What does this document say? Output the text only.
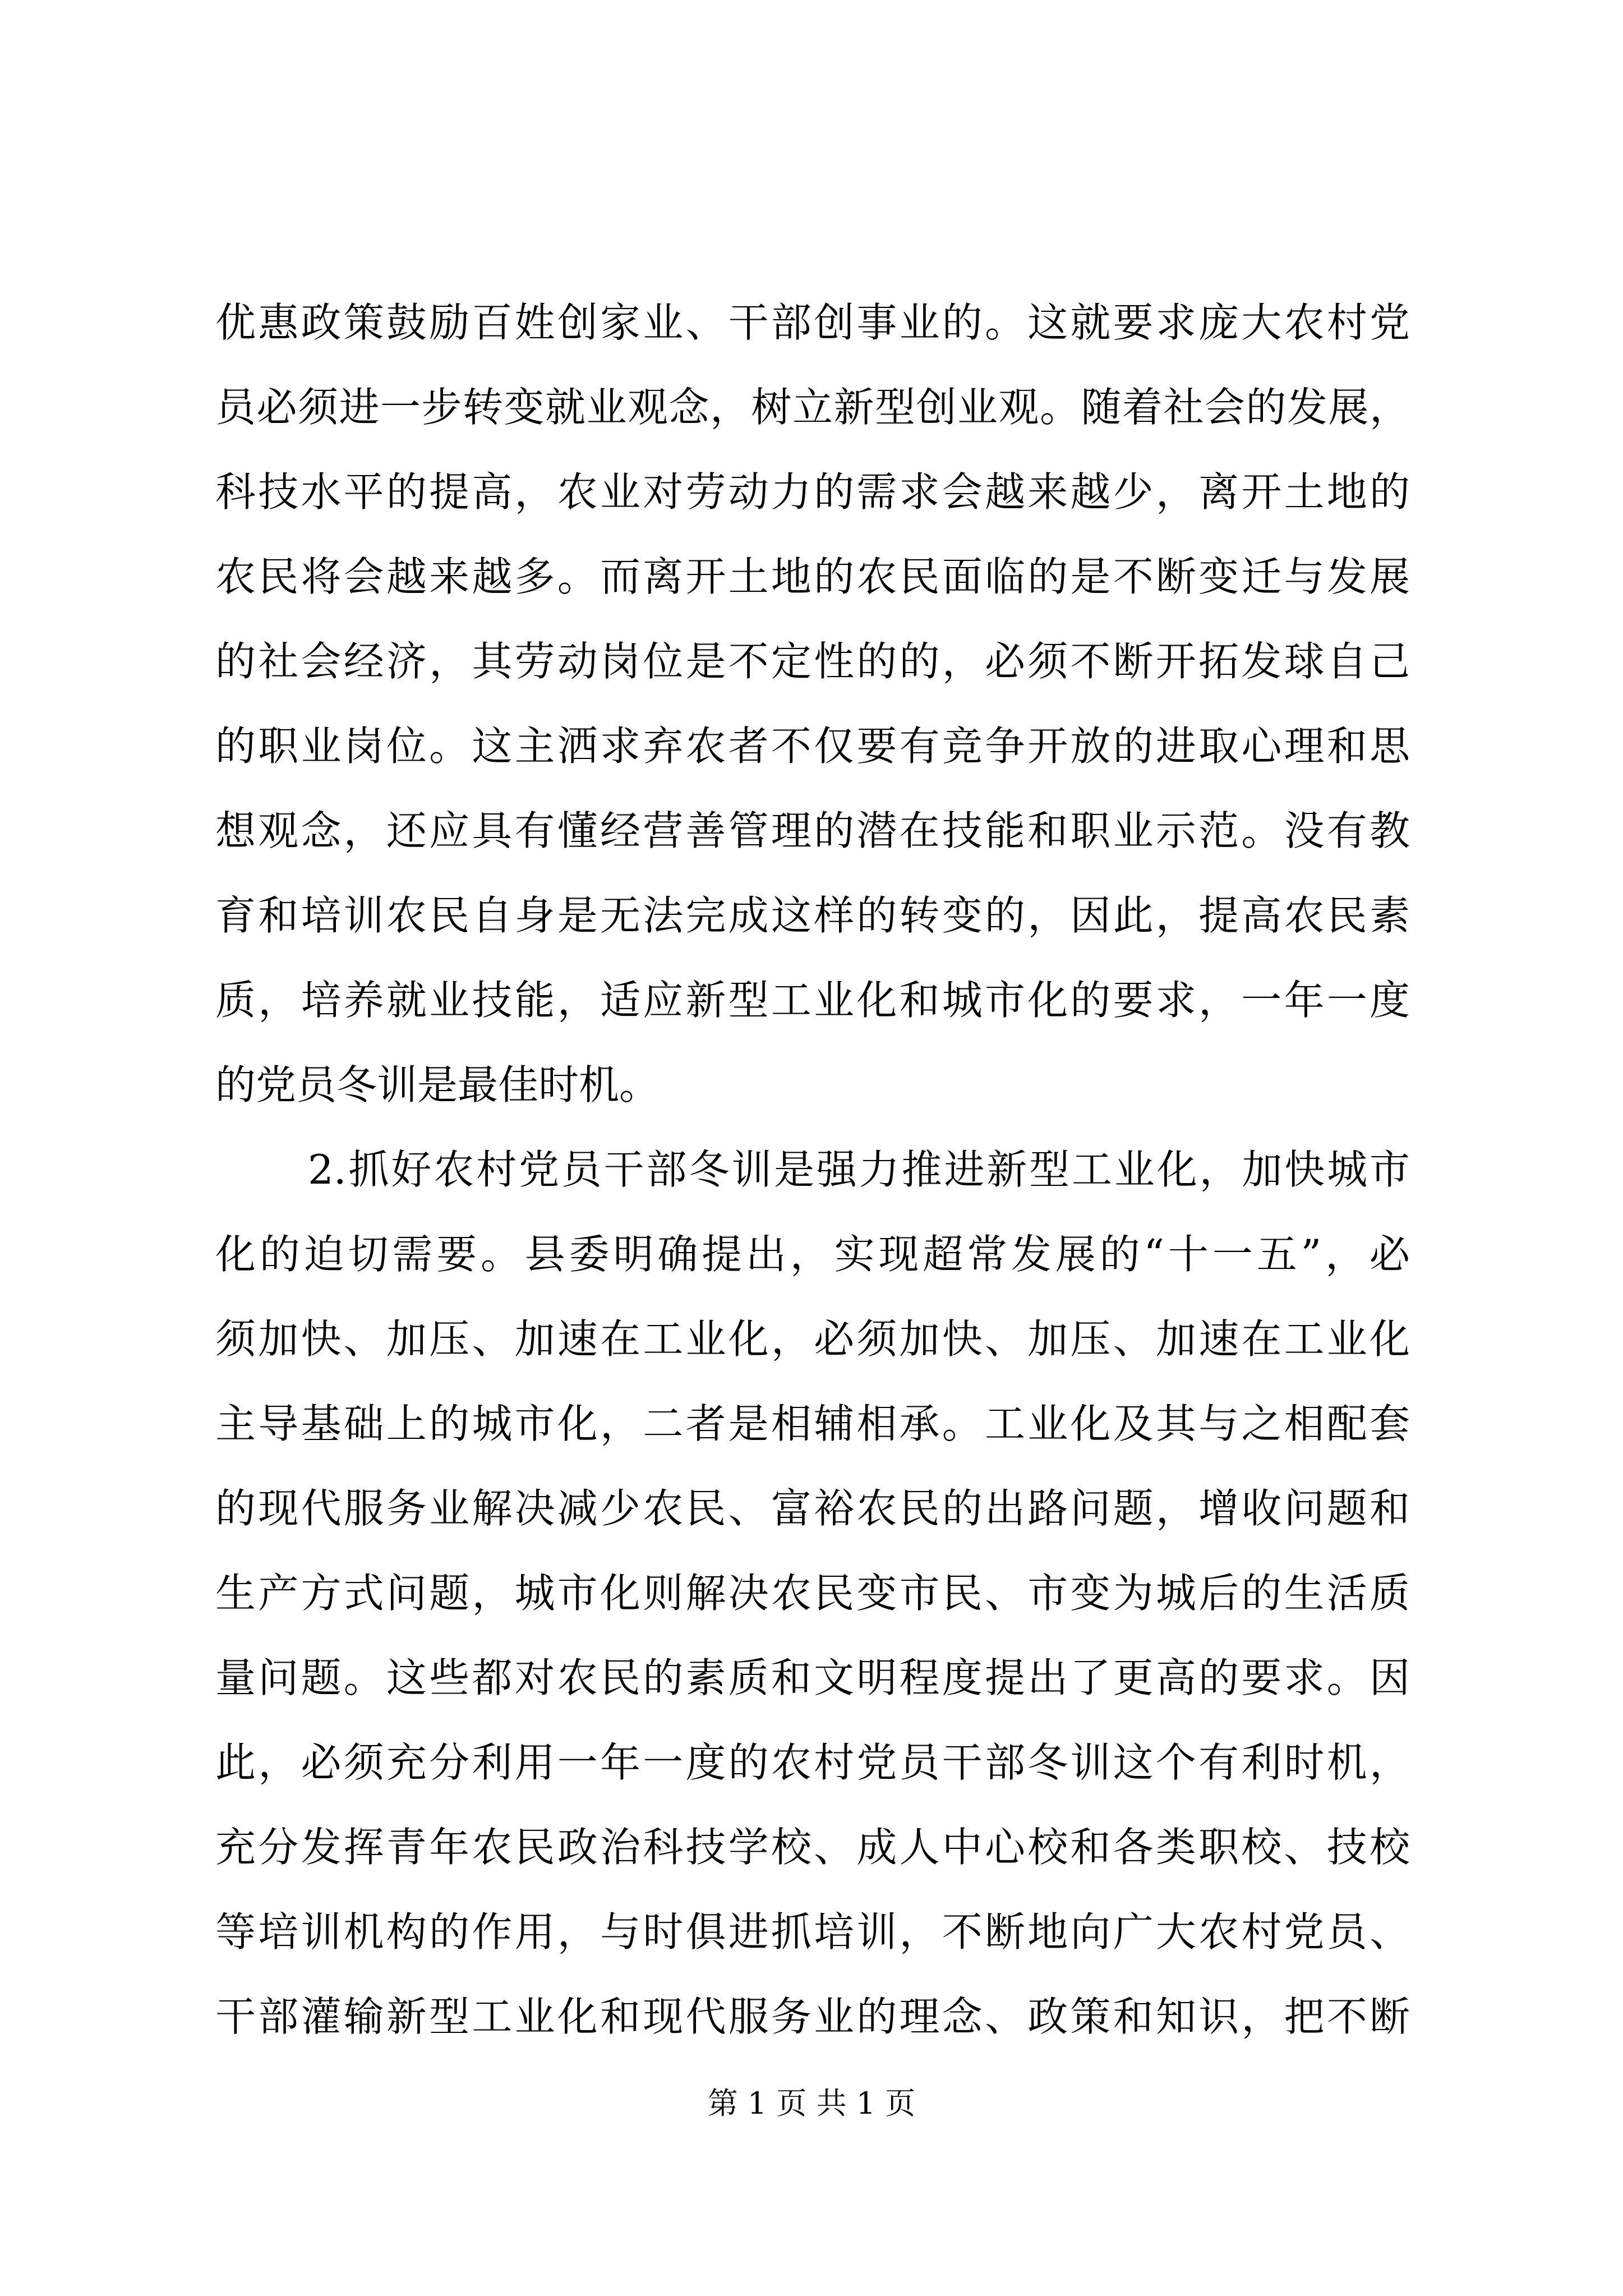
优惠政策鼓励百姓创家业、干部创事业的。这就要求庞大农村党
员必须进一步转变就业观念，树立新型创业观。随着社会的发展，
科技水平的提高，农业对劳动力的需求会越来越少，离开土地的
农民将会越来越多。而离开土地的农民面临的是不断变迁与发展
的社会经济，其劳动岗位是不定性的的，必须不断开拓发球自己
的职业岗位。这主洒求弃农者不仅要有竞争开放的进取心理和思
想观念，还应具有懂经营善管理的潜在技能和职业示范。没有教
育和培训农民自身是无法完成这样的转变的，因此，提高农民素
质，培养就业技能，适应新型工业化和城市化的要求，一年一度
的党员冬训是最佳时机。
2.抓好农村党员干部冬训是强力推进新型工业化，加快城市
化的迫切需要。县委明确提出，实现超常发展的“十一五”，必
须加快、加压、加速在工业化，必须加快、加压、加速在工业化
主导基础上的城市化，二者是相辅相承。工业化及其与之相配套
的现代服务业解决减少农民、富裕农民的出路问题，增收问题和
生产方式问题，城市化则解决农民变市民、市变为城后的生活质
量问题。这些都对农民的素质和文明程度提出了更高的要求。因
此，必须充分利用一年一度的农村党员干部冬训这个有利时机，
充分发挥青年农民政治科技学校、成人中心校和各类职校、技校
等培训机构的作用，与时俱进抓培训，不断地向广大农村党员、
干部灌输新型工业化和现代服务业的理念、政策和知识，把不断
第 1 页 共 1 页
